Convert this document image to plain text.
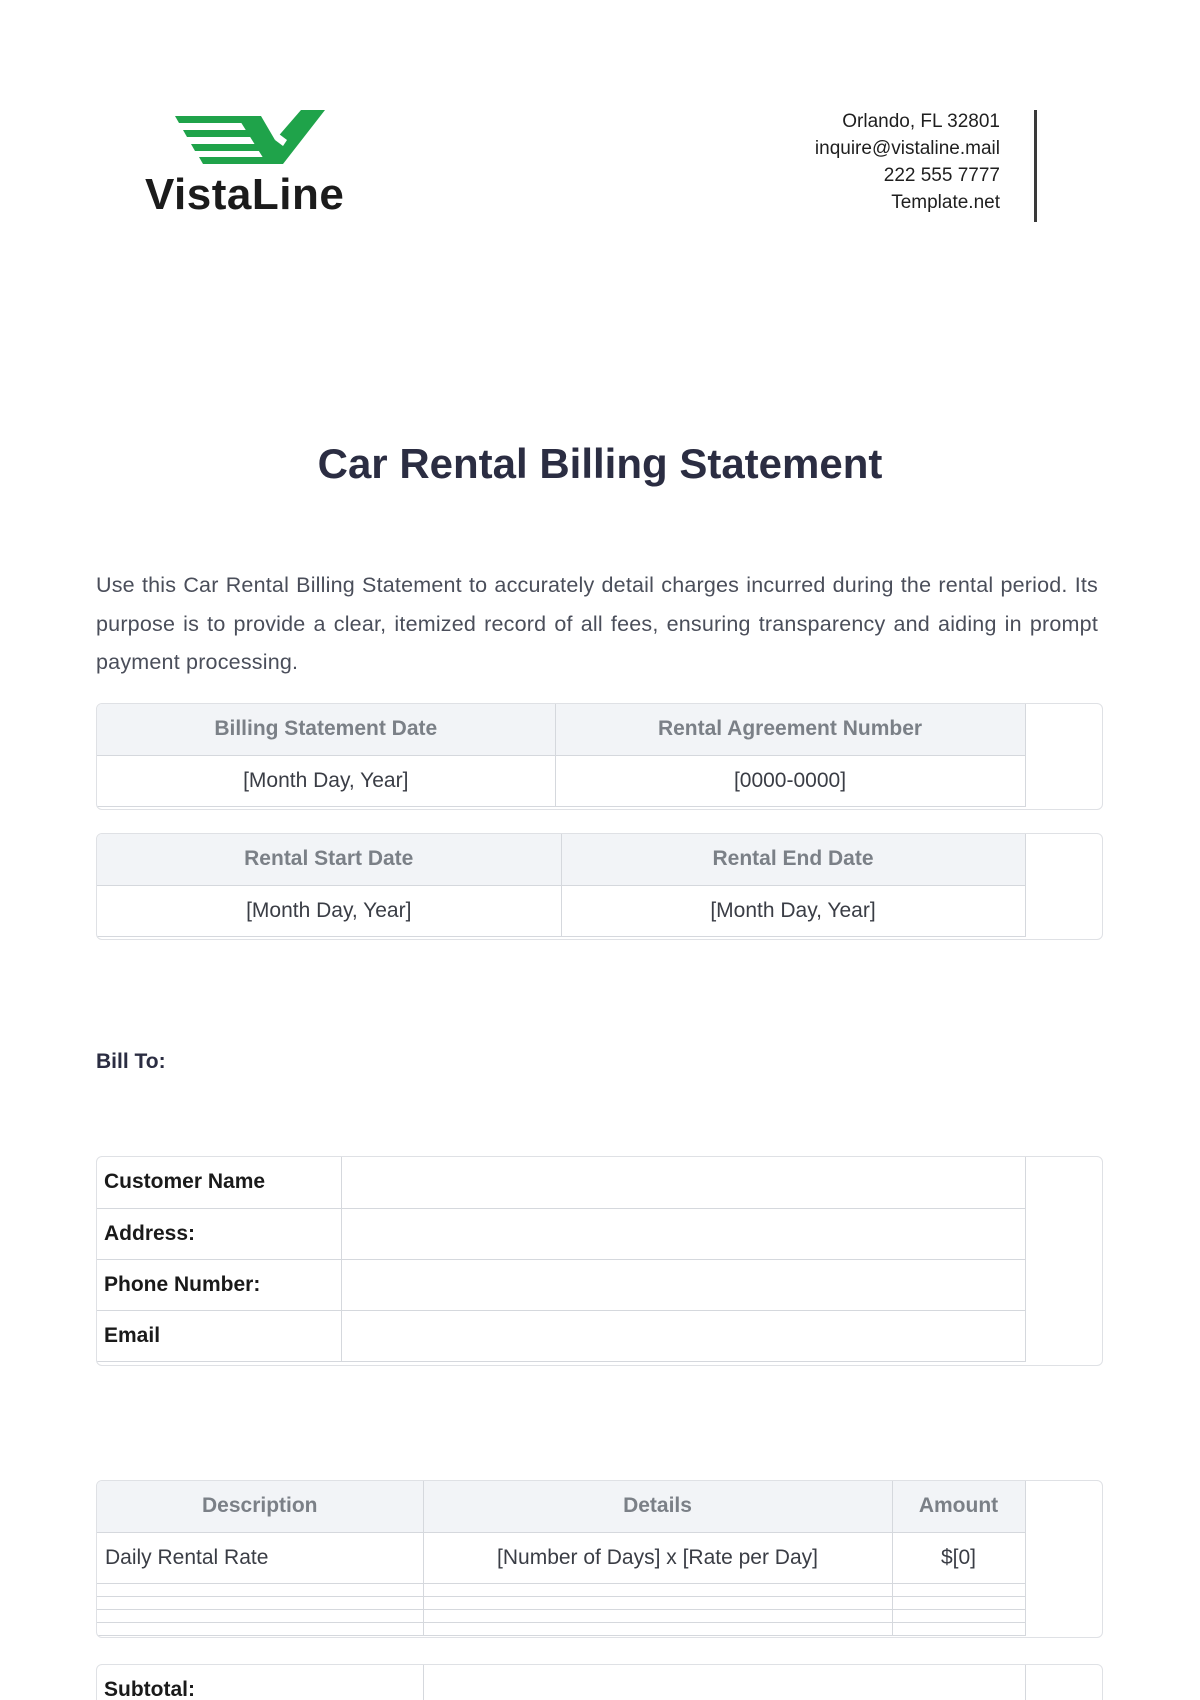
VistaLine
Orlando, FL 32801
inquire@vistaline.mail
222 555 7777
Template.net
Car Rental Billing Statement

Use this Car Rental Billing Statement to accurately detail charges incurred during the rental period. Its purpose is to provide a clear, itemized record of all fees, ensuring transparency and aiding in prompt payment processing.

Billing Statement Date	Rental Agreement Number
[Month Day, Year]	[0000-0000]
Rental Start Date	Rental End Date
[Month Day, Year]	[Month Day, Year]
Bill To:
Customer Name	
Address:	
Phone Number:	
Email	
Description	Details	Amount
Daily Rental Rate	[Number of Days] x [Rate per Day]	$[0]

Subtotal:	
